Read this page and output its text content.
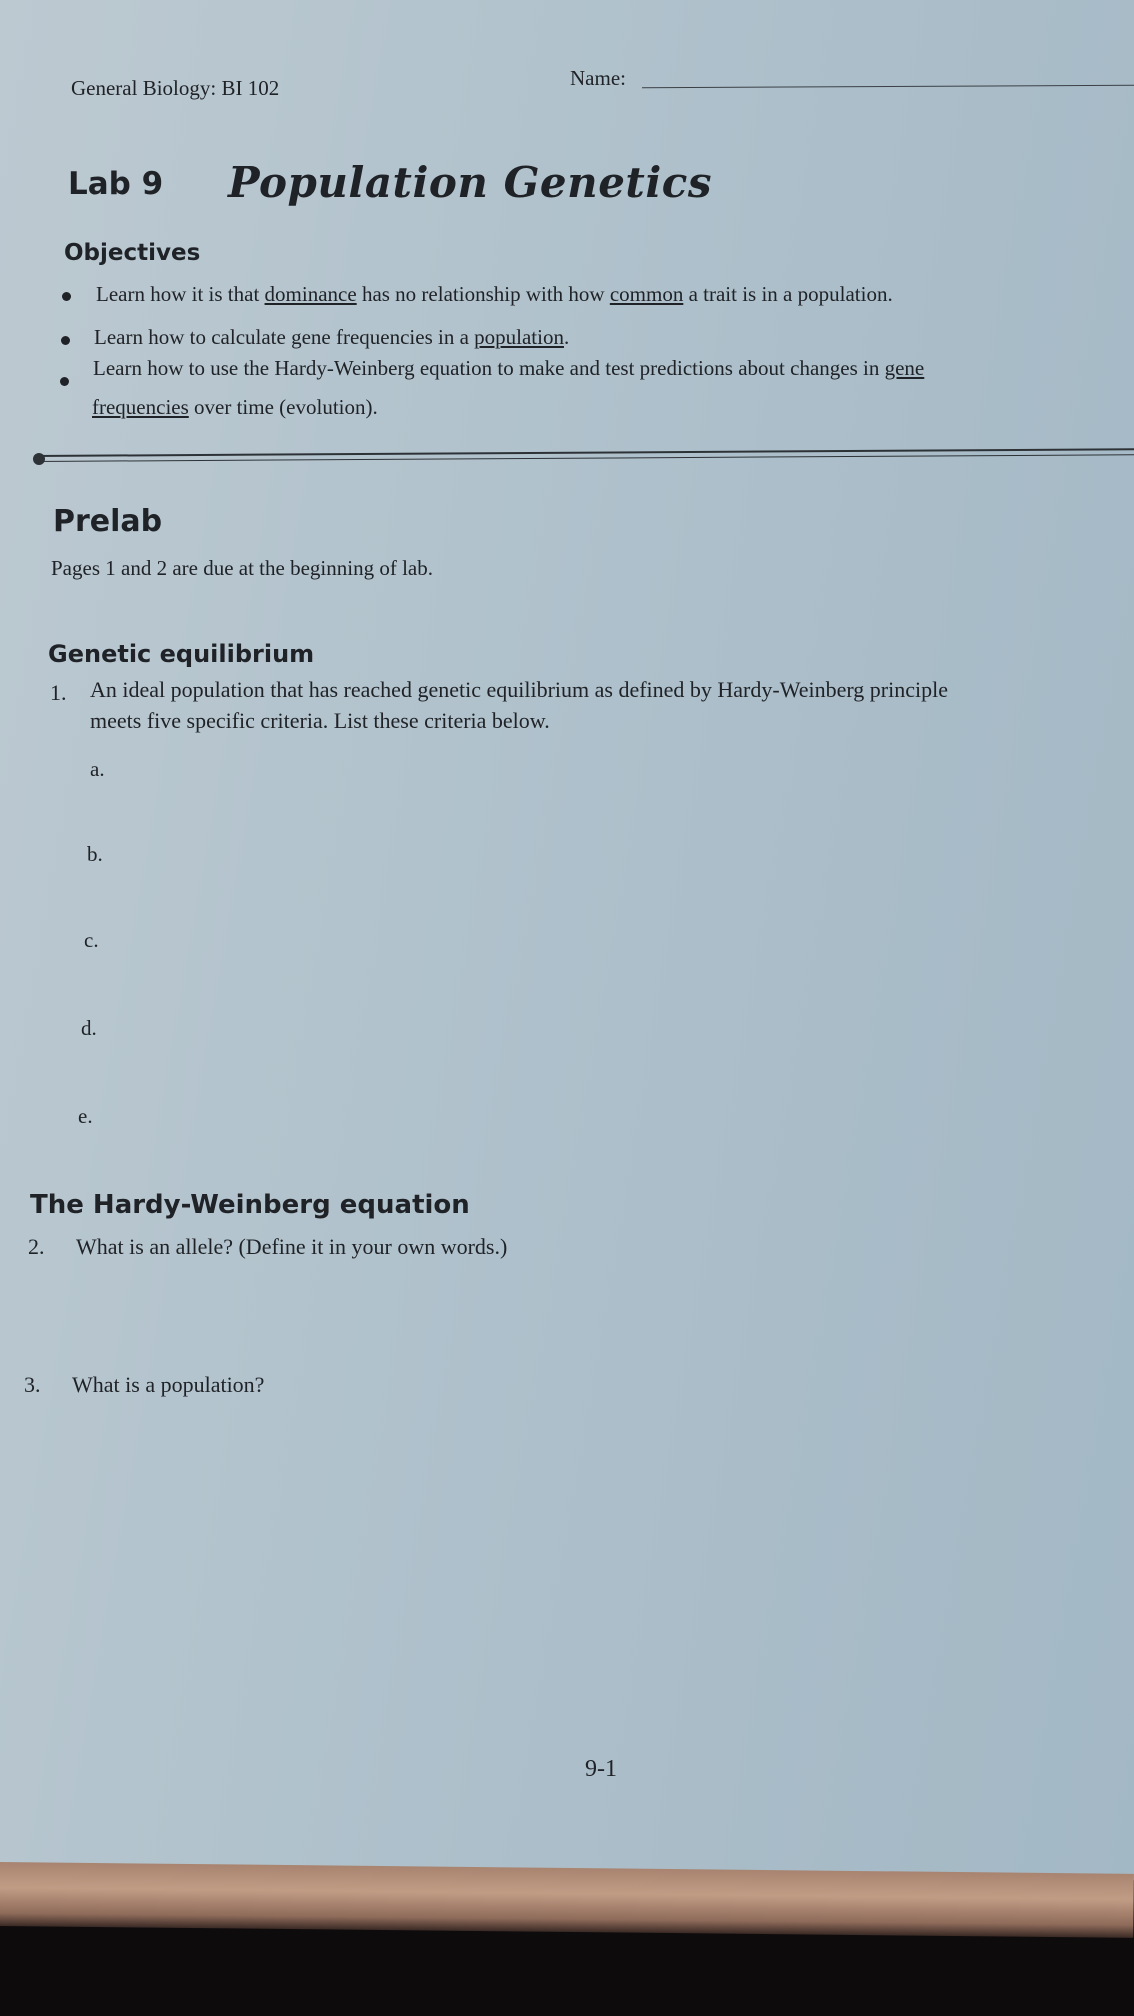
General Biology: BI 102	Name:

Lab 9 Population Genetics

Objectives

Learn how it is that dominance has no relationship with how common a trait is in a population.

Learn how to calculate gene frequencies in a population.

Learn how to use the Hardy-Weinberg equation to make and test predictions about changes in gene

frequencies over time (evolution).

Prelab

Pages 1 and 2 are due at the beginning of lab.

Genetic equilibrium

1. An ideal population that has reached genetic equilibrium as defined by Hardy-Weinberg principle

meets five specific criteria. List these criteria below.

a.

b.

c.

d.

e.

The Hardy-Weinberg equation

2. What is an allele? (Define it in your own words.)

3. What is a population?

9-1
